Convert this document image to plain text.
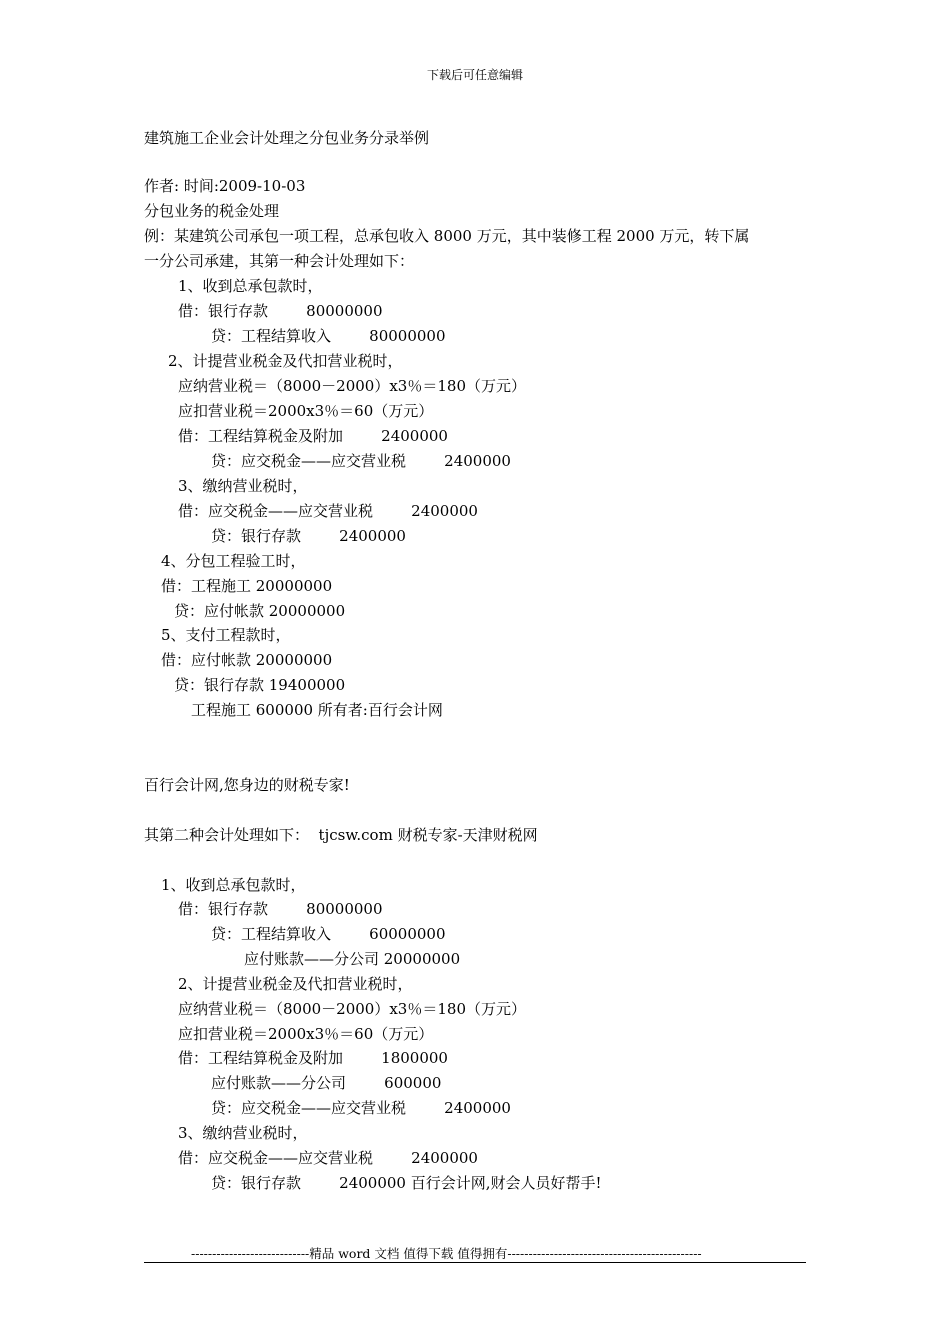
下载后可任意编辑
建筑施工企业会计处理之分包业务分录举例
作者: 时间:2009-10-03
分包业务的税金处理
例：某建筑公司承包一项工程，总承包收入 8000 万元，其中装修工程 2000 万元，转下属
一分公司承建，其第一种会计处理如下：
1、收到总承包款时，
借：银行存款        80000000
贷：工程结算收入        80000000
2、计提营业税金及代扣营业税时，
应纳营业税＝（8000－2000）x3％＝180（万元）
应扣营业税＝2000x3％＝60（万元）
借：工程结算税金及附加        2400000
贷：应交税金——应交营业税        2400000
3、缴纳营业税时，
借：应交税金——应交营业税        2400000
贷：银行存款        2400000
4、分包工程验工时，
借：工程施工 20000000
贷：应付帐款 20000000
5、支付工程款时，
借：应付帐款 20000000
贷：银行存款 19400000
工程施工 600000 所有者:百行会计网
百行会计网,您身边的财税专家!
其第二种会计处理如下：  tjcsw.com 财税专家-天津财税网
1、收到总承包款时，
借：银行存款        80000000
贷：工程结算收入        60000000
应付账款——分公司 20000000
2、计提营业税金及代扣营业税时，
应纳营业税＝（8000－2000）x3％＝180（万元）
应扣营业税＝2000x3％＝60（万元）
借：工程结算税金及附加        1800000
应付账款——分公司        600000
贷：应交税金——应交营业税        2400000
3、缴纳营业税时，
借：应交税金——应交营业税        2400000
贷：银行存款        2400000 百行会计网,财会人员好帮手!
----------------------------精品 word 文档 值得下载 值得拥有----------------------------------------------
